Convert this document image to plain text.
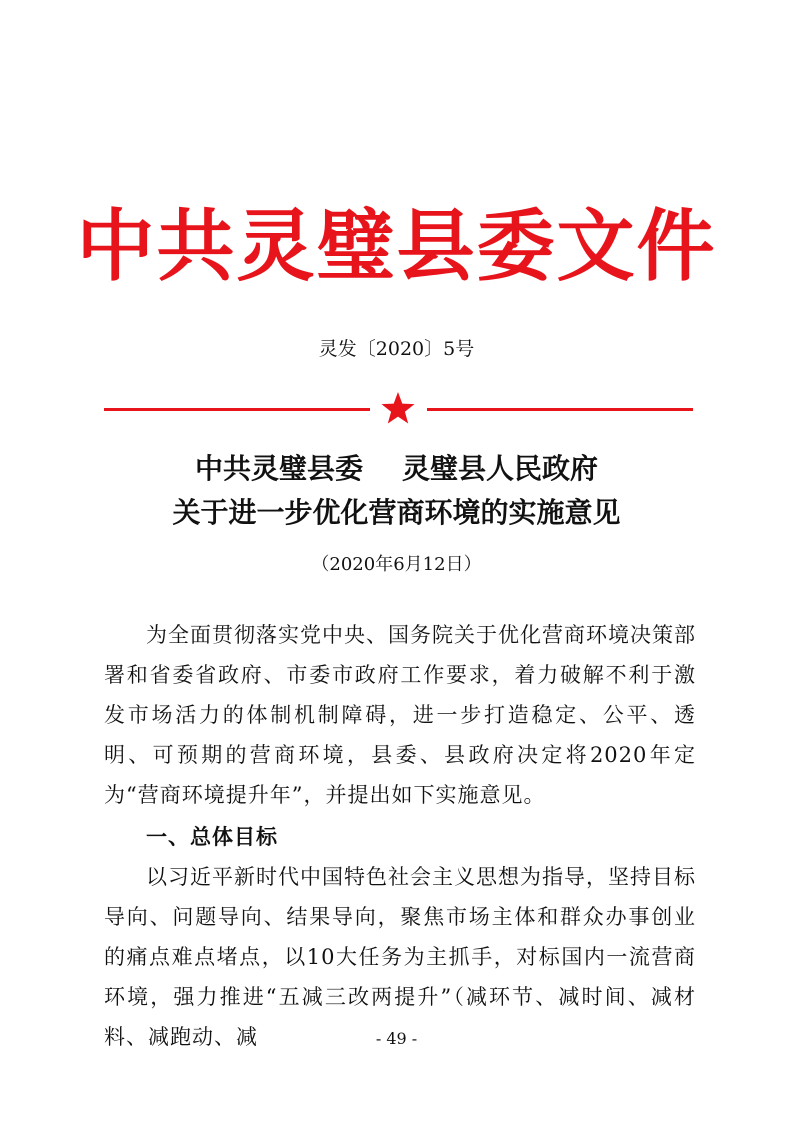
中共灵璧县委文件
灵发〔2020〕5号
中共灵璧县委    灵璧县人民政府
关于进一步优化营商环境的实施意见
（2020年6月12日）
为全面贯彻落实党中央、国务院关于优化营商环境决策部署和省委省政府、市委市政府工作要求，着力破解不利于激发市场活力的体制机制障碍，进一步打造稳定、公平、透明、可预期的营商环境，县委、县政府决定将2020年定为“营商环境提升年”，并提出如下实施意见。
一、总体目标
以习近平新时代中国特色社会主义思想为指导，坚持目标导向、问题导向、结果导向，聚焦市场主体和群众办事创业的痛点难点堵点，以10大任务为主抓手，对标国内一流营商环境，强力推进“五减三改两提升”（减环节、减时间、减材料、减跑动、减	- 49 -
